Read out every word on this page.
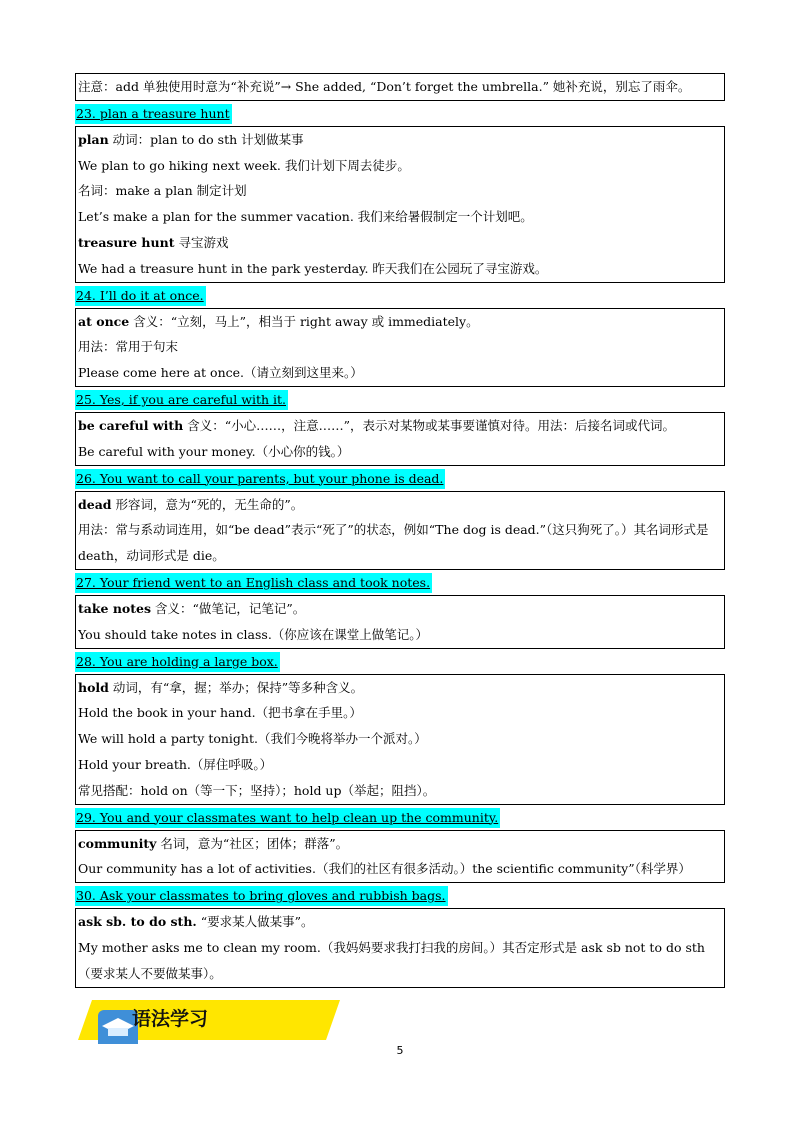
注意：add 单独使用时意为“补充说”→ She added, “Don’t forget the umbrella.” 她补充说，别忘了雨伞。
23. plan a treasure hunt
plan 动词：plan to do sth 计划做某事
We plan to go hiking next week. 我们计划下周去徒步。
名词：make a plan 制定计划
Let’s make a plan for the summer vacation. 我们来给暑假制定一个计划吧。
treasure hunt 寻宝游戏
We had a treasure hunt in the park yesterday. 昨天我们在公园玩了寻宝游戏。
24. I’ll do it at once.
at once 含义：“立刻，马上”，相当于 right away 或 immediately。
用法：常用于句末
Please come here at once.（请立刻到这里来。）
25. Yes, if you are careful with it.
be careful with 含义：“小心……，注意……”，表示对某物或某事要谨慎对待。用法：后接名词或代词。
Be careful with your money.（小心你的钱。）
26. You want to call your parents, but your phone is dead.
dead 形容词，意为“死的，无生命的”。
用法：常与系动词连用，如“be dead”表示“死了”的状态，例如“The dog is dead.”（这只狗死了。）其名词形式是 death，动词形式是 die。
27. Your friend went to an English class and took notes.
take notes 含义：“做笔记，记笔记”。
You should take notes in class.（你应该在课堂上做笔记。）
28. You are holding a large box.
hold 动词，有“拿，握；举办；保持”等多种含义。
Hold the book in your hand.（把书拿在手里。）
We will hold a party tonight.（我们今晚将举办一个派对。）
Hold your breath.（屏住呼吸。）
常见搭配：hold on（等一下；坚持）；hold up（举起；阻挡）。
29. You and your classmates want to help clean up the community.
community 名词，意为“社区；团体；群落”。
Our community has a lot of activities.（我们的社区有很多活动。）the scientific community”（科学界）
30. Ask your classmates to bring gloves and rubbish bags.
ask sb. to do sth. “要求某人做某事”。
My mother asks me to clean my room.（我妈妈要求我打扫我的房间。）其否定形式是 ask sb not to do sth（要求某人不要做某事）。
语法学习
5
